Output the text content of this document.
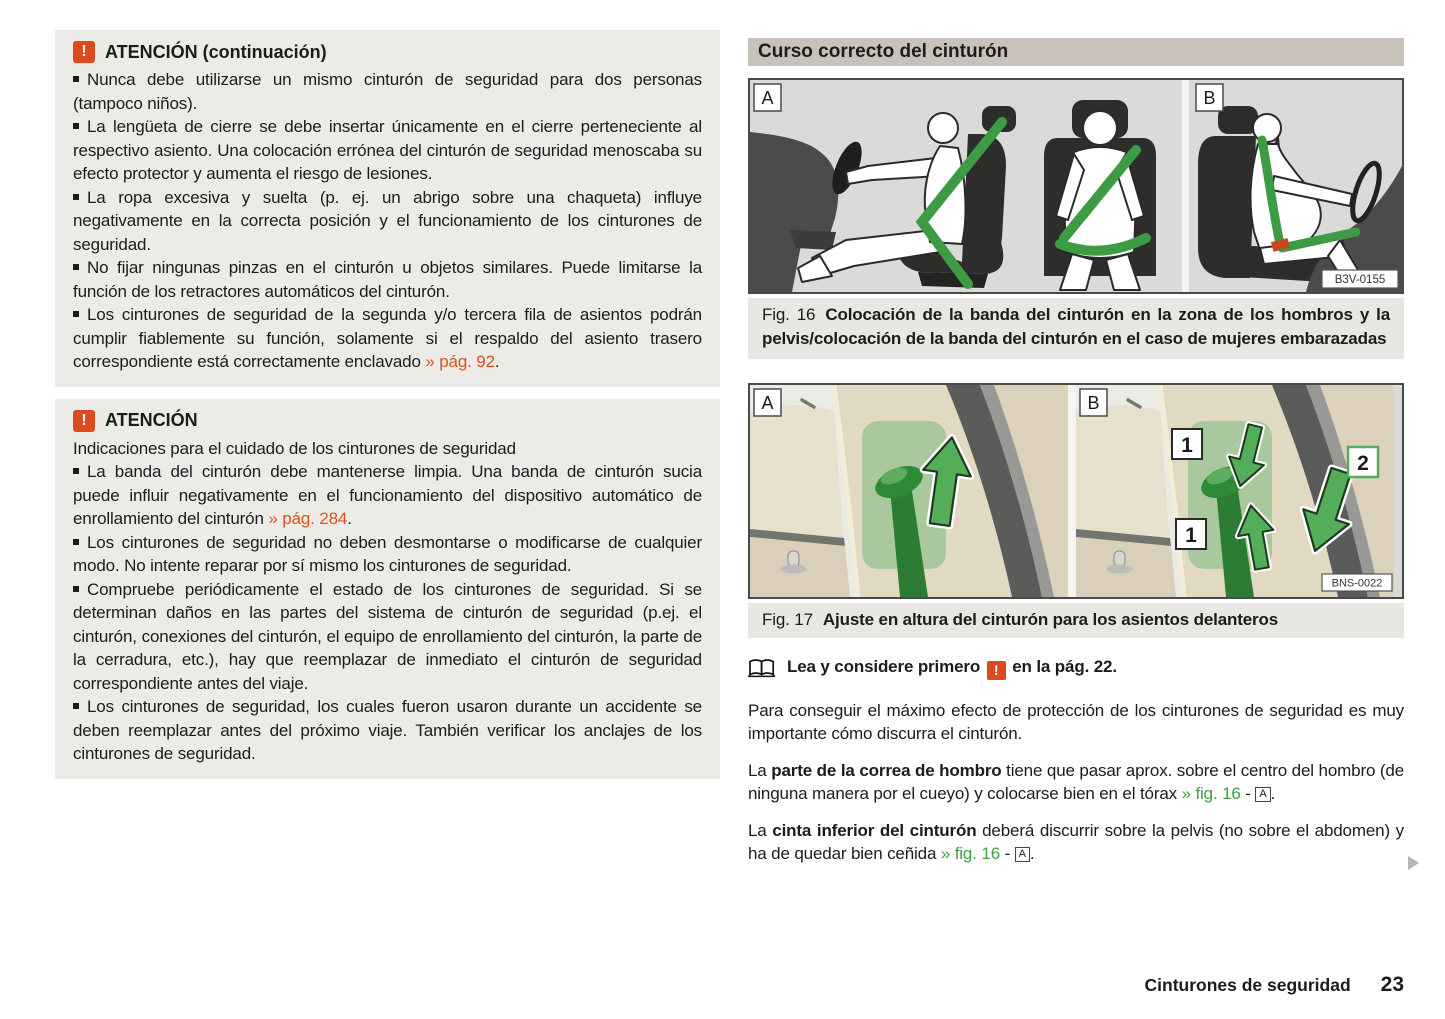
!	ATENCIÓN (continuación)

Nunca debe utilizarse un mismo cinturón de seguridad para dos personas (tampoco niños).

La lengüeta de cierre se debe insertar únicamente en el cierre perteneciente al respectivo asiento. Una colocación errónea del cinturón de seguridad menoscaba su efecto protector y aumenta el riesgo de lesiones.

La ropa excesiva y suelta (p. ej. un abrigo sobre una chaqueta) influye negativamente en la correcta posición y el funcionamiento de los cinturones de seguridad.

No fijar ningunas pinzas en el cinturón u objetos similares. Puede limitarse la función de los retractores automáticos del cinturón.

Los cinturones de seguridad de la segunda y/o tercera fila de asientos podrán cumplir fiablemente su función, solamente si el respaldo del asiento trasero correspondiente está correctamente enclavado » pág. 92.

!	ATENCIÓN

Indicaciones para el cuidado de los cinturones de seguridad

La banda del cinturón debe mantenerse limpia. Una banda de cinturón sucia puede influir negativamente en el funcionamiento del dispositivo automático de enrollamiento del cinturón » pág. 284.

Los cinturones de seguridad no deben desmontarse o modificarse de cualquier modo. No intente reparar por sí mismo los cinturones de seguridad.

Compruebe periódicamente el estado de los cinturones de seguridad. Si se determinan daños en las partes del sistema de cinturón de seguridad (p.ej. el cinturón, conexiones del cinturón, el equipo de enrollamiento del cinturón, la parte de la cerradura, etc.), hay que reemplazar de inmediato el cinturón de seguridad correspondiente antes del viaje.

Los cinturones de seguridad, los cuales fueron usaron durante un accidente se deben reemplazar antes del próximo viaje. También verificar los anclajes de los cinturones de seguridad.

Curso correcto del cinturón
A	B
B3V-0155
Fig. 16 Colocación de la banda del cinturón en la zona de los hombros y la pelvis/colocación de la banda del cinturón en el caso de mujeres embarazadas
1
1
2
BNS-0022
A	B
Fig. 17 Ajuste en altura del cinturón para los asientos delanteros
Lea y considere primero ! en la pág. 22.

Para conseguir el máximo efecto de protección de los cinturones de seguridad es muy importante cómo discurra el cinturón.

La parte de la correa de hombro tiene que pasar aprox. sobre el centro del hombro (de ninguna manera por el cueyo) y colocarse bien en el tórax » fig. 16 - A .

La cinta inferior del cinturón deberá discurrir sobre la pelvis (no sobre el abdomen) y ha de quedar bien ceñida » fig. 16 - A .

Cinturones de seguridad 23
